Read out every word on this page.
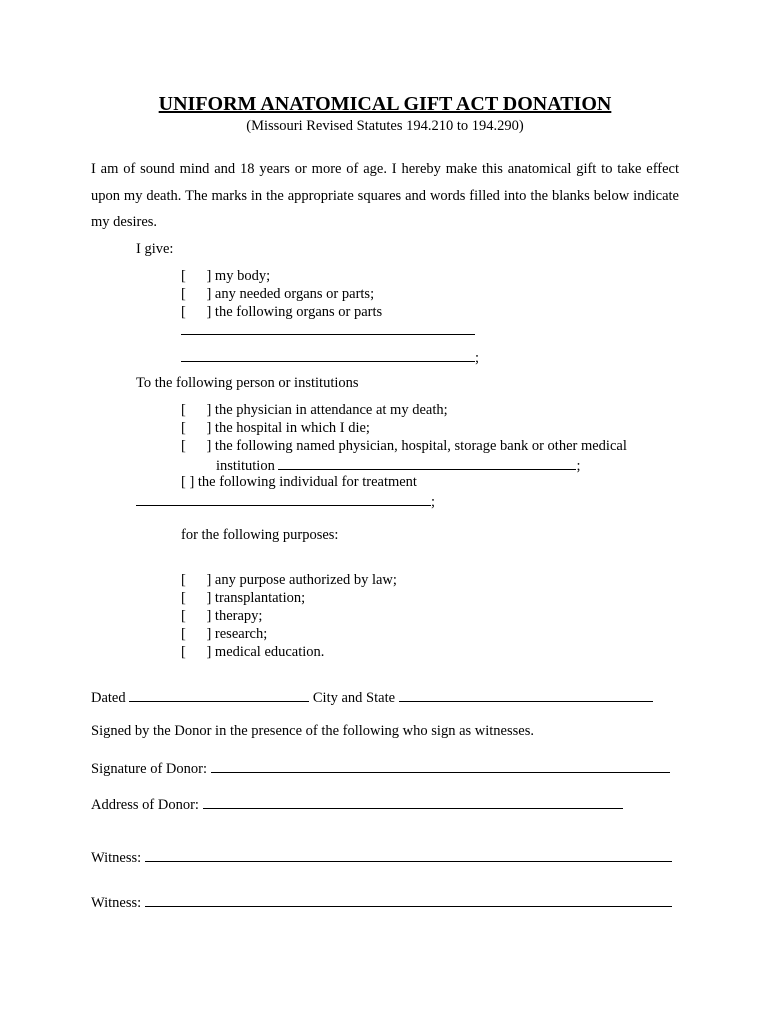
UNIFORM ANATOMICAL GIFT ACT DONATION
(Missouri Revised Statutes 194.210 to 194.290)
I am of sound mind and 18 years or more of age. I hereby make this anatomical gift to take effect upon my death. The marks in the appropriate squares and words filled into the blanks below indicate my desires.
I give:
[ ] my body;
[ ] any needed organs or parts;
[ ] the following organs or parts
;
To the following person or institutions
[ ] the physician in attendance at my death;
[ ] the hospital in which I die;
[ ] the following named physician, hospital, storage bank or other medical
institution	;
[ ] the following individual for treatment
;
for the following purposes:
[ ] any purpose authorized by law;
[ ] transplantation;
[ ] therapy;
[ ] research;
[ ] medical education.
Dated	City and State
Signed by the Donor in the presence of the following who sign as witnesses.
Signature of Donor:
Address of Donor:
Witness:
Witness:
